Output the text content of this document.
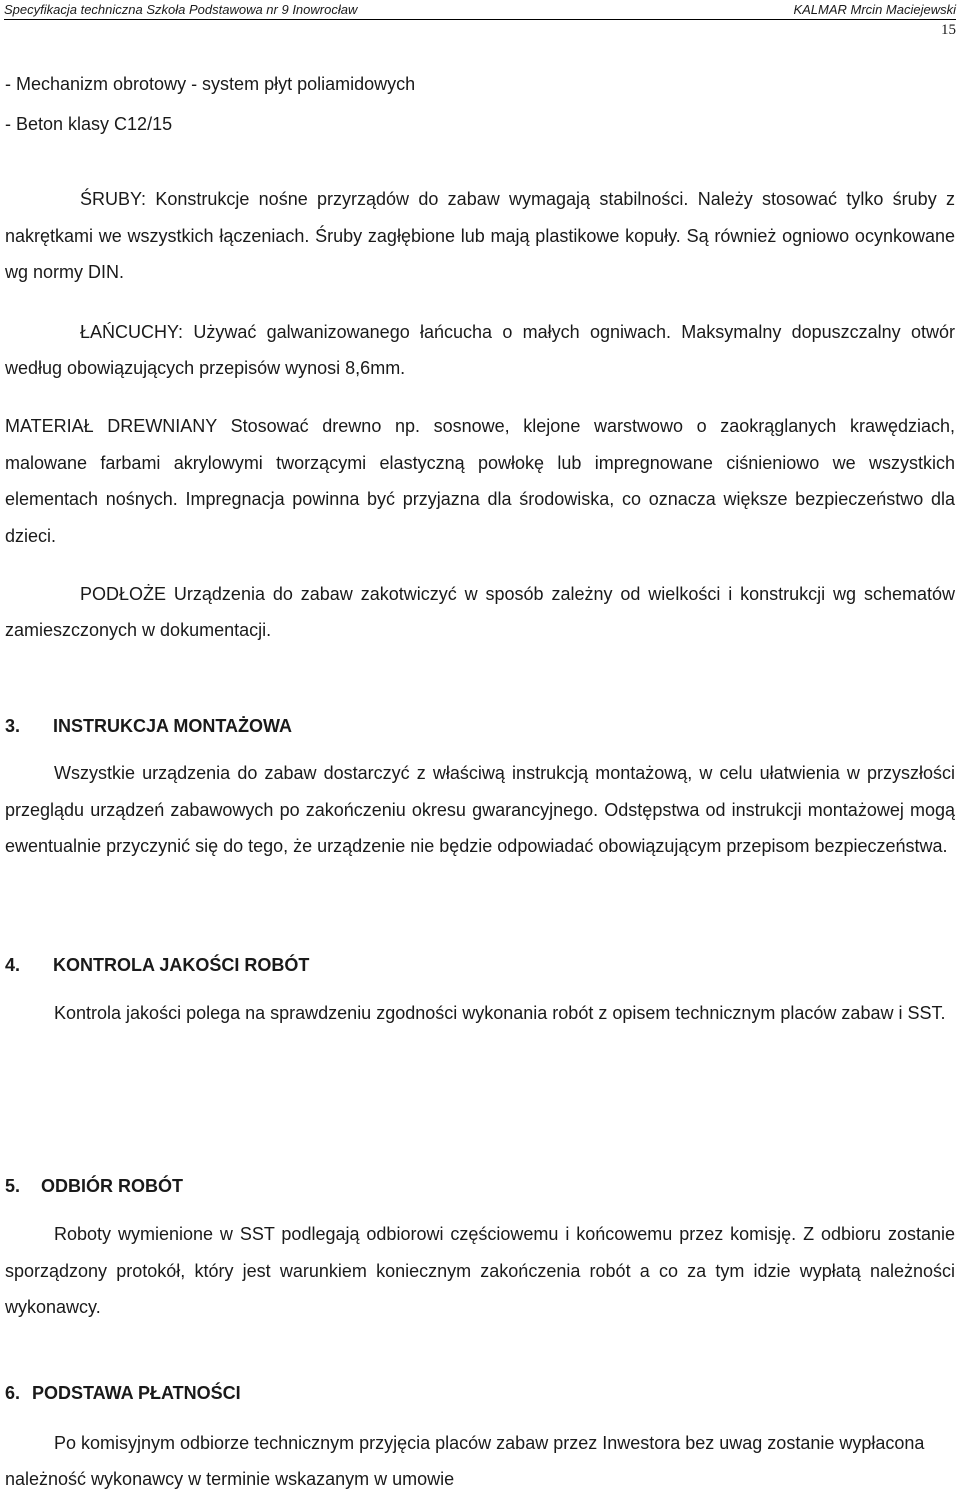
Specyfikacja techniczna Szkoła Podstawowa nr 9 Inowrocław	KALMAR Mrcin Maciejewski
15
- Mechanizm obrotowy - system płyt poliamidowych
- Beton klasy C12/15

ŚRUBY: Konstrukcje nośne przyrządów do zabaw wymagają stabilności. Należy stosować tylko śruby z nakrętkami we wszystkich łączeniach. Śruby zagłębione lub mają plastikowe kopuły. Są również ogniowo ocynkowane wg normy DIN.

ŁAŃCUCHY: Używać galwanizowanego łańcucha o małych ogniwach. Maksymalny dopuszczalny otwór według obowiązujących przepisów wynosi 8,6mm.

MATERIAŁ DREWNIANY Stosować drewno np. sosnowe, klejone warstwowo o zaokrąglanych krawędziach, malowane farbami akrylowymi tworzącymi elastyczną powłokę lub impregnowane ciśnieniowo we wszystkich elementach nośnych. Impregnacja powinna być przyjazna dla środowiska, co oznacza większe bezpieczeństwo dla dzieci.

PODŁOŻE Urządzenia do zabaw zakotwiczyć w sposób zależny od wielkości i konstrukcji wg schematów zamieszczonych w dokumentacji.

3. INSTRUKCJA MONTAŻOWA

Wszystkie urządzenia do zabaw dostarczyć z właściwą instrukcją montażową, w celu ułatwienia w przyszłości przeglądu urządzeń zabawowych po zakończeniu okresu gwarancyjnego. Odstępstwa od instrukcji montażowej mogą ewentualnie przyczynić się do tego, że urządzenie nie będzie odpowiadać obowiązującym przepisom bezpieczeństwa.

4. KONTROLA JAKOŚCI ROBÓT

Kontrola jakości polega na sprawdzeniu zgodności wykonania robót z opisem technicznym placów zabaw i SST.

5. ODBIÓR ROBÓT

Roboty wymienione w SST podlegają odbiorowi częściowemu i końcowemu przez komisję. Z odbioru zostanie sporządzony protokół, który jest warunkiem koniecznym zakończenia robót a co za tym idzie wypłatą należności wykonawcy.

6. PODSTAWA PŁATNOŚCI

Po komisyjnym odbiorze technicznym przyjęcia placów zabaw przez Inwestora bez uwag zostanie wypłacona należność wykonawcy w terminie wskazanym w umowie
